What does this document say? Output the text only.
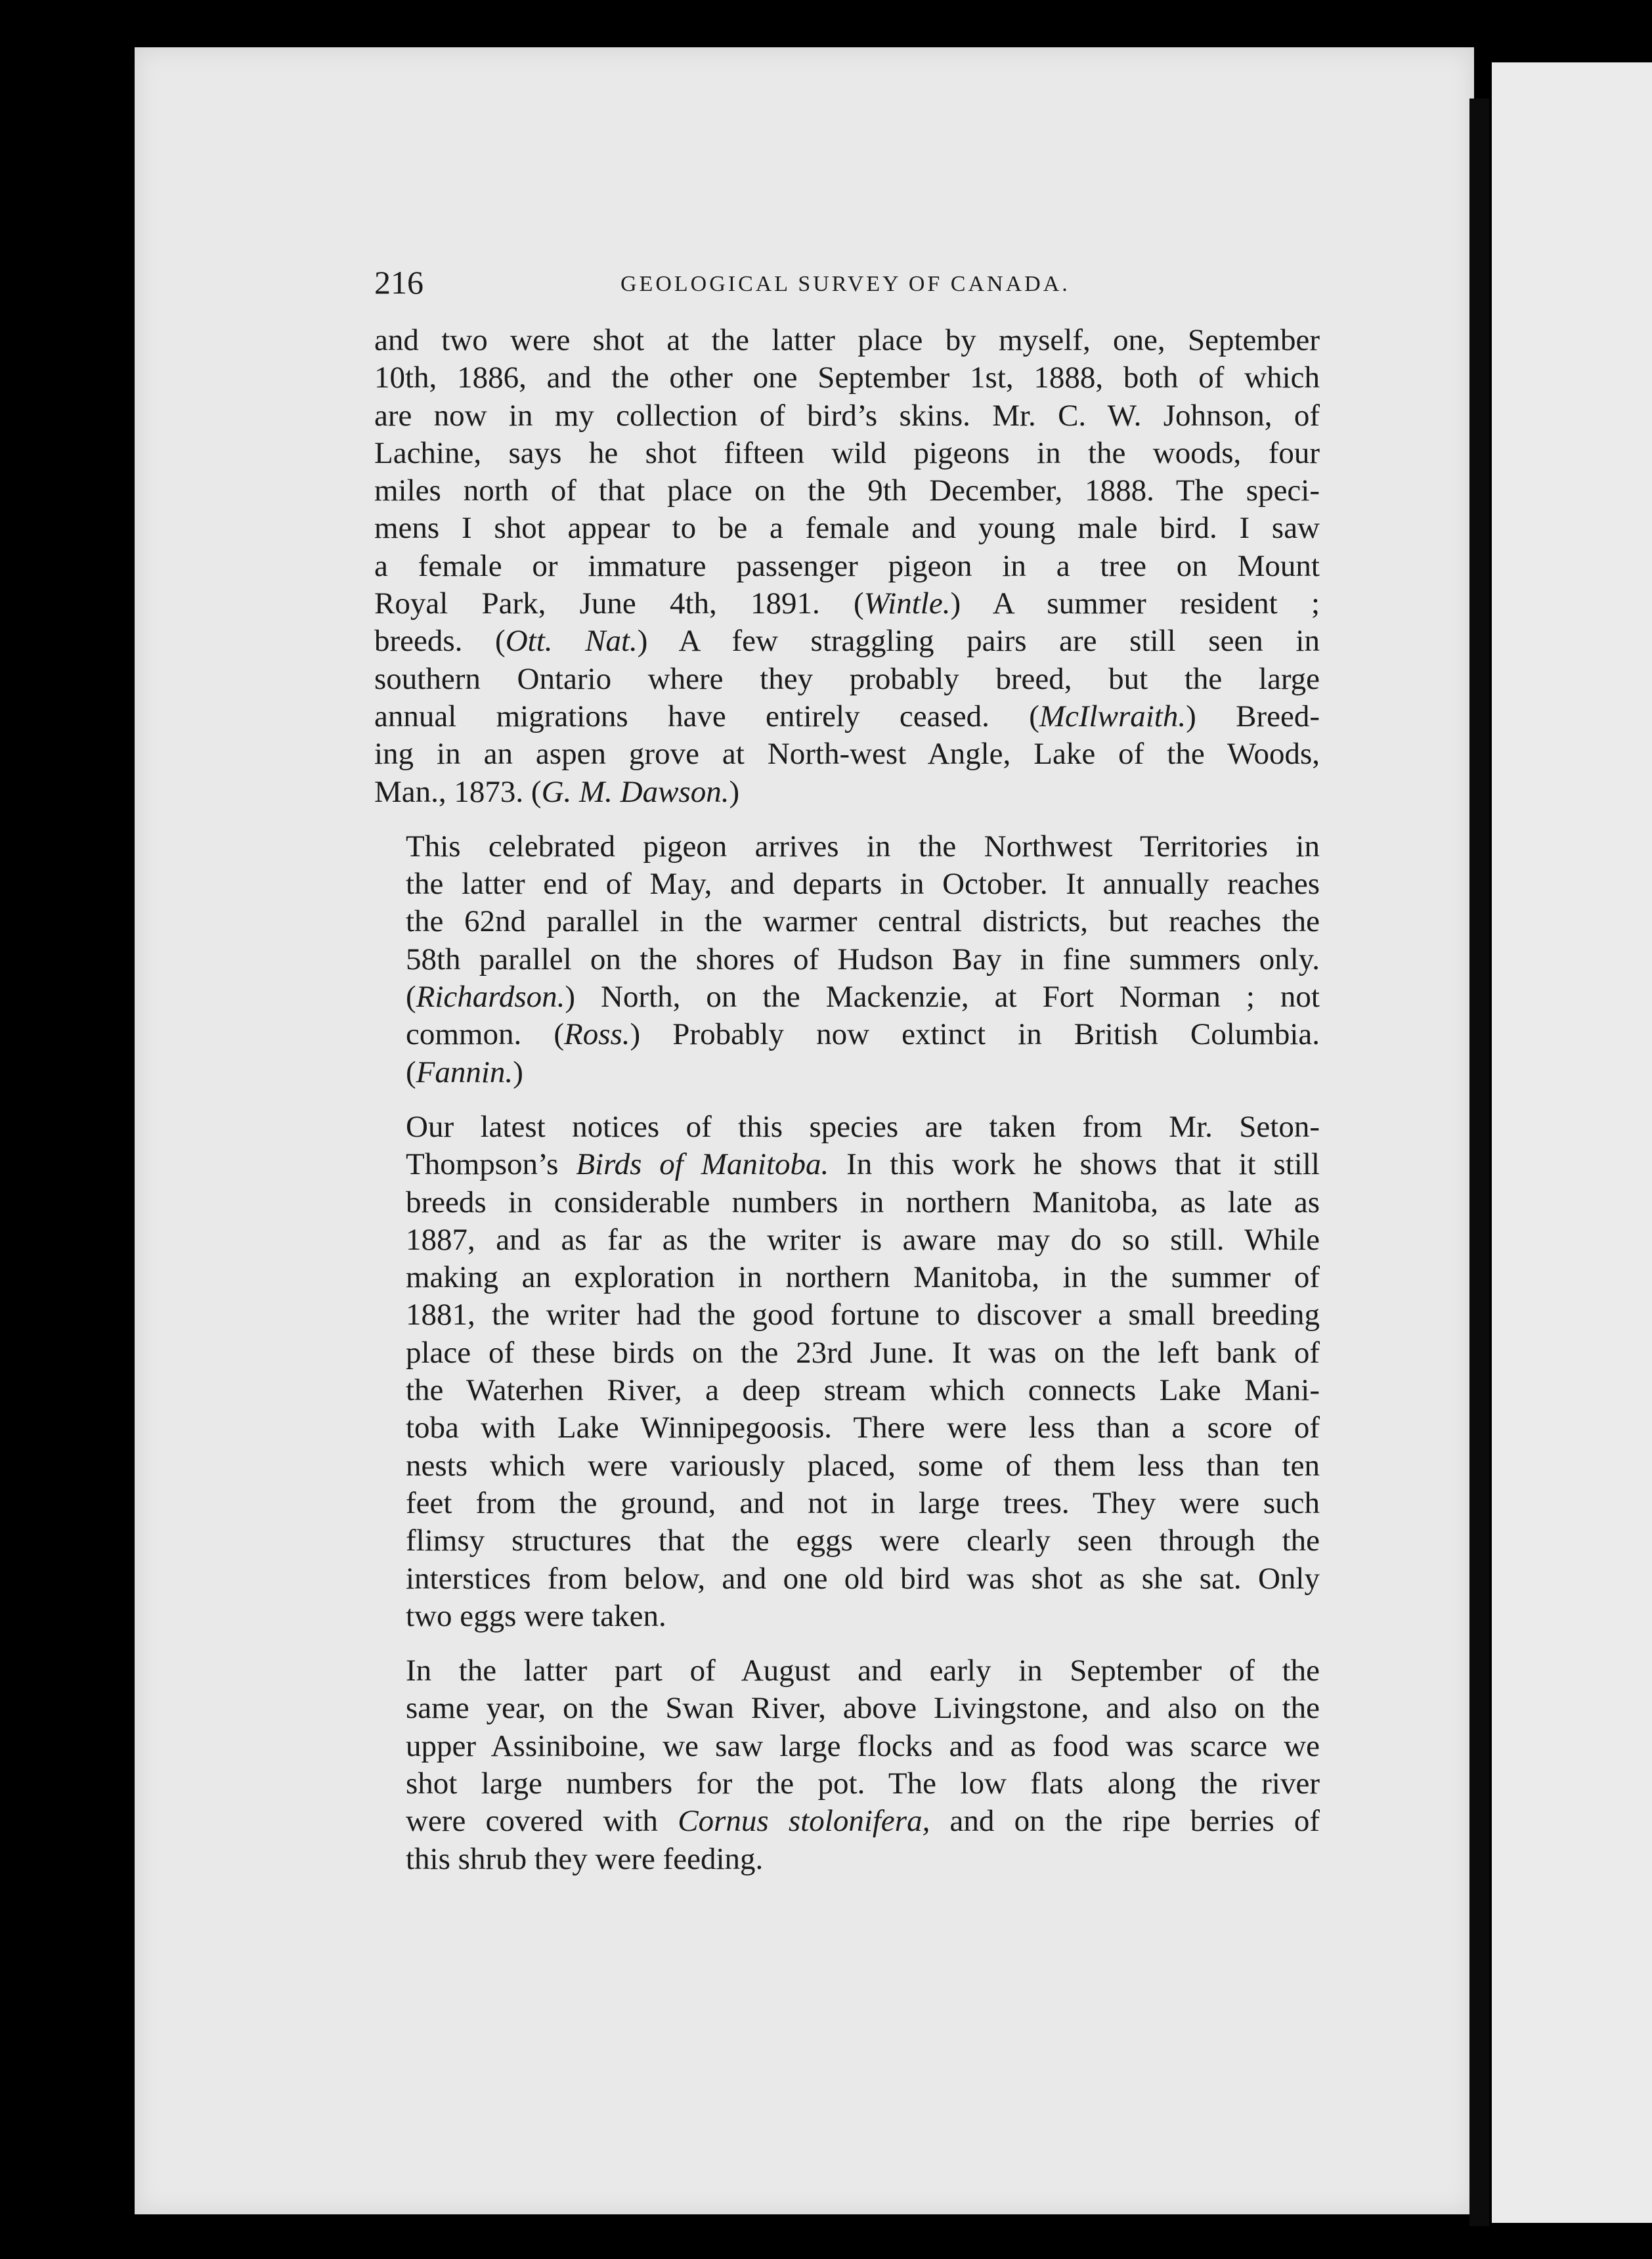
216	GEOLOGICAL SURVEY OF CANADA.

and two were shot at the latter place by myself, one, September
10th, 1886, and the other one September 1st, 1888, both of which
are now in my collection of bird’s skins. Mr. C. W. Johnson, of
Lachine, says he shot fifteen wild pigeons in the woods, four
miles north of that place on the 9th December, 1888. The speci-
mens I shot appear to be a female and young male bird. I saw
a female or immature passenger pigeon in a tree on Mount
Royal Park, June 4th, 1891. (Wintle.) A summer resident ;
breeds. (Ott. Nat.) A few straggling pairs are still seen in
southern Ontario where they probably breed, but the large
annual migrations have entirely ceased. (McIlwraith.) Breed-
ing in an aspen grove at North-west Angle, Lake of the Woods,
Man., 1873. (G. M. Dawson.)

This celebrated pigeon arrives in the Northwest Territories in
the latter end of May, and departs in October. It annually reaches
the 62nd parallel in the warmer central districts, but reaches the
58th parallel on the shores of Hudson Bay in fine summers only.
(Richardson.) North, on the Mackenzie, at Fort Norman ; not
common. (Ross.) Probably now extinct in British Columbia.
(Fannin.)

Our latest notices of this species are taken from Mr. Seton-
Thompson’s Birds of Manitoba. In this work he shows that it still
breeds in considerable numbers in northern Manitoba, as late as
1887, and as far as the writer is aware may do so still. While
making an exploration in northern Manitoba, in the summer of
1881, the writer had the good fortune to discover a small breeding
place of these birds on the 23rd June. It was on the left bank of
the Waterhen River, a deep stream which connects Lake Mani-
toba with Lake Winnipegoosis. There were less than a score of
nests which were variously placed, some of them less than ten
feet from the ground, and not in large trees. They were such
flimsy structures that the eggs were clearly seen through the
interstices from below, and one old bird was shot as she sat. Only
two eggs were taken.

In the latter part of August and early in September of the
same year, on the Swan River, above Livingstone, and also on the
upper Assiniboine, we saw large flocks and as food was scarce we
shot large numbers for the pot. The low flats along the river
were covered with Cornus stolonifera, and on the ripe berries of
this shrub they were feeding.
